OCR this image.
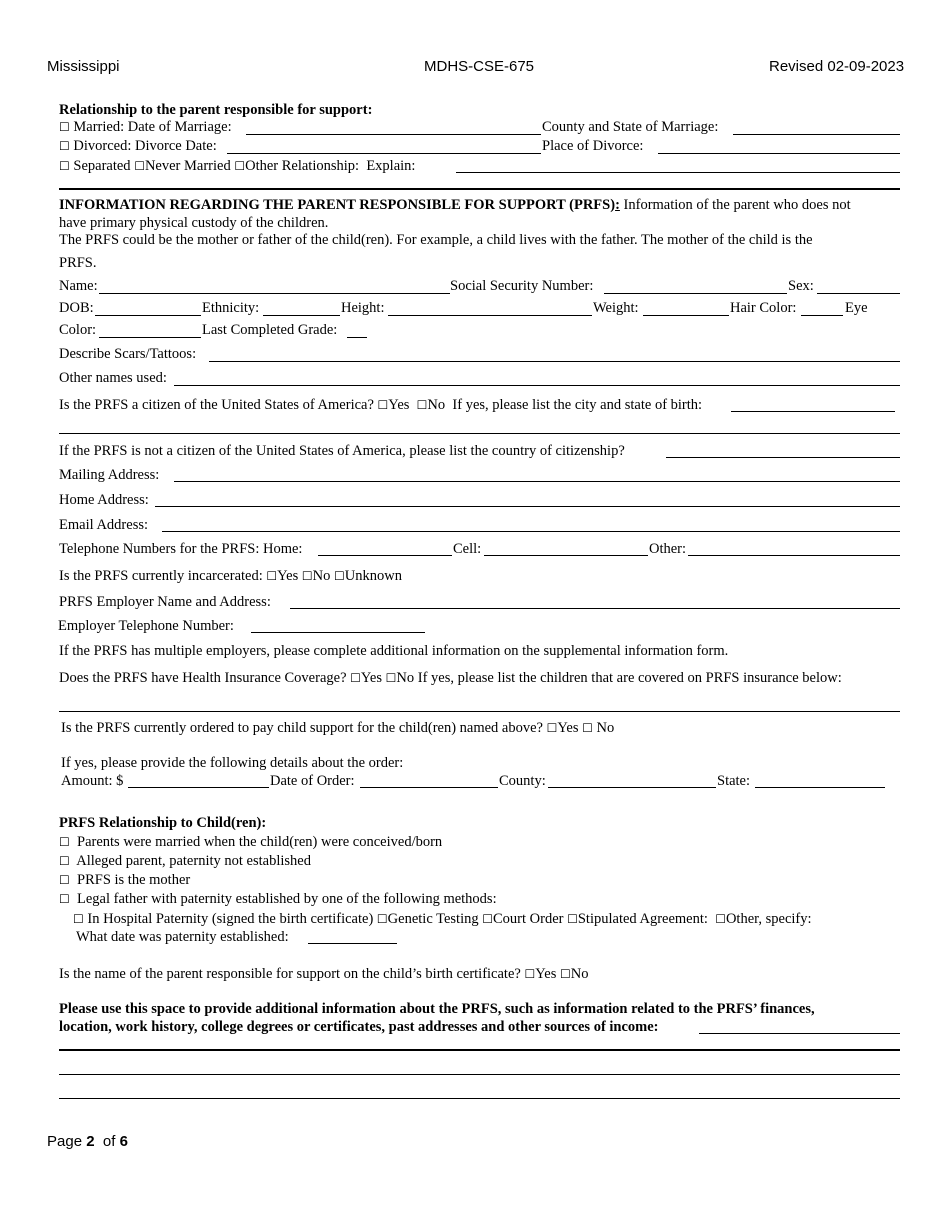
Mississippi	MDHS-CSE-675	Revised 02-09-2023
Relationship to the parent responsible for support:
☐ Married: Date of Marriage:	County and State of Marriage:
☐ Divorced: Divorce Date:	Place of Divorce:
☐ Separated ☐Never Married ☐Other Relationship: Explain:
INFORMATION REGARDING THE PARENT RESPONSIBLE FOR SUPPORT (PRFS): Information of the parent who does not
have primary physical custody of the children.
The PRFS could be the mother or father of the child(ren). For example, a child lives with the father. The mother of the child is the
PRFS.
Name:	Social Security Number:	Sex:
DOB:	Ethnicity:	Height:	Weight:	Hair Color:	Eye
Color:	Last Completed Grade:
Describe Scars/Tattoos:
Other names used:
Is the PRFS a citizen of the United States of America? ☐Yes ☐No If yes, please list the city and state of birth:
If the PRFS is not a citizen of the United States of America, please list the country of citizenship?
Mailing Address:
Home Address:
Email Address:
Telephone Numbers for the PRFS: Home:	Cell:	Other:
Is the PRFS currently incarcerated: ☐Yes ☐No ☐Unknown
PRFS Employer Name and Address:
Employer Telephone Number:
If the PRFS has multiple employers, please complete additional information on the supplemental information form.
Does the PRFS have Health Insurance Coverage? ☐Yes ☐No If yes, please list the children that are covered on PRFS insurance below:
Is the PRFS currently ordered to pay child support for the child(ren) named above? ☐Yes ☐ No
If yes, please provide the following details about the order:
Amount: $	Date of Order:	County:	State:
PRFS Relationship to Child(ren):
☐ Parents were married when the child(ren) were conceived/born
☐ Alleged parent, paternity not established
☐ PRFS is the mother
☐ Legal father with paternity established by one of the following methods:
☐ In Hospital Paternity (signed the birth certificate) ☐Genetic Testing ☐Court Order ☐Stipulated Agreement: ☐Other, specify:
What date was paternity established:
Is the name of the parent responsible for support on the child’s birth certificate? ☐Yes ☐No
Please use this space to provide additional information about the PRFS, such as information related to the PRFS’ finances,
location, work history, college degrees or certificates, past addresses and other sources of income:
Page 2 of 6
